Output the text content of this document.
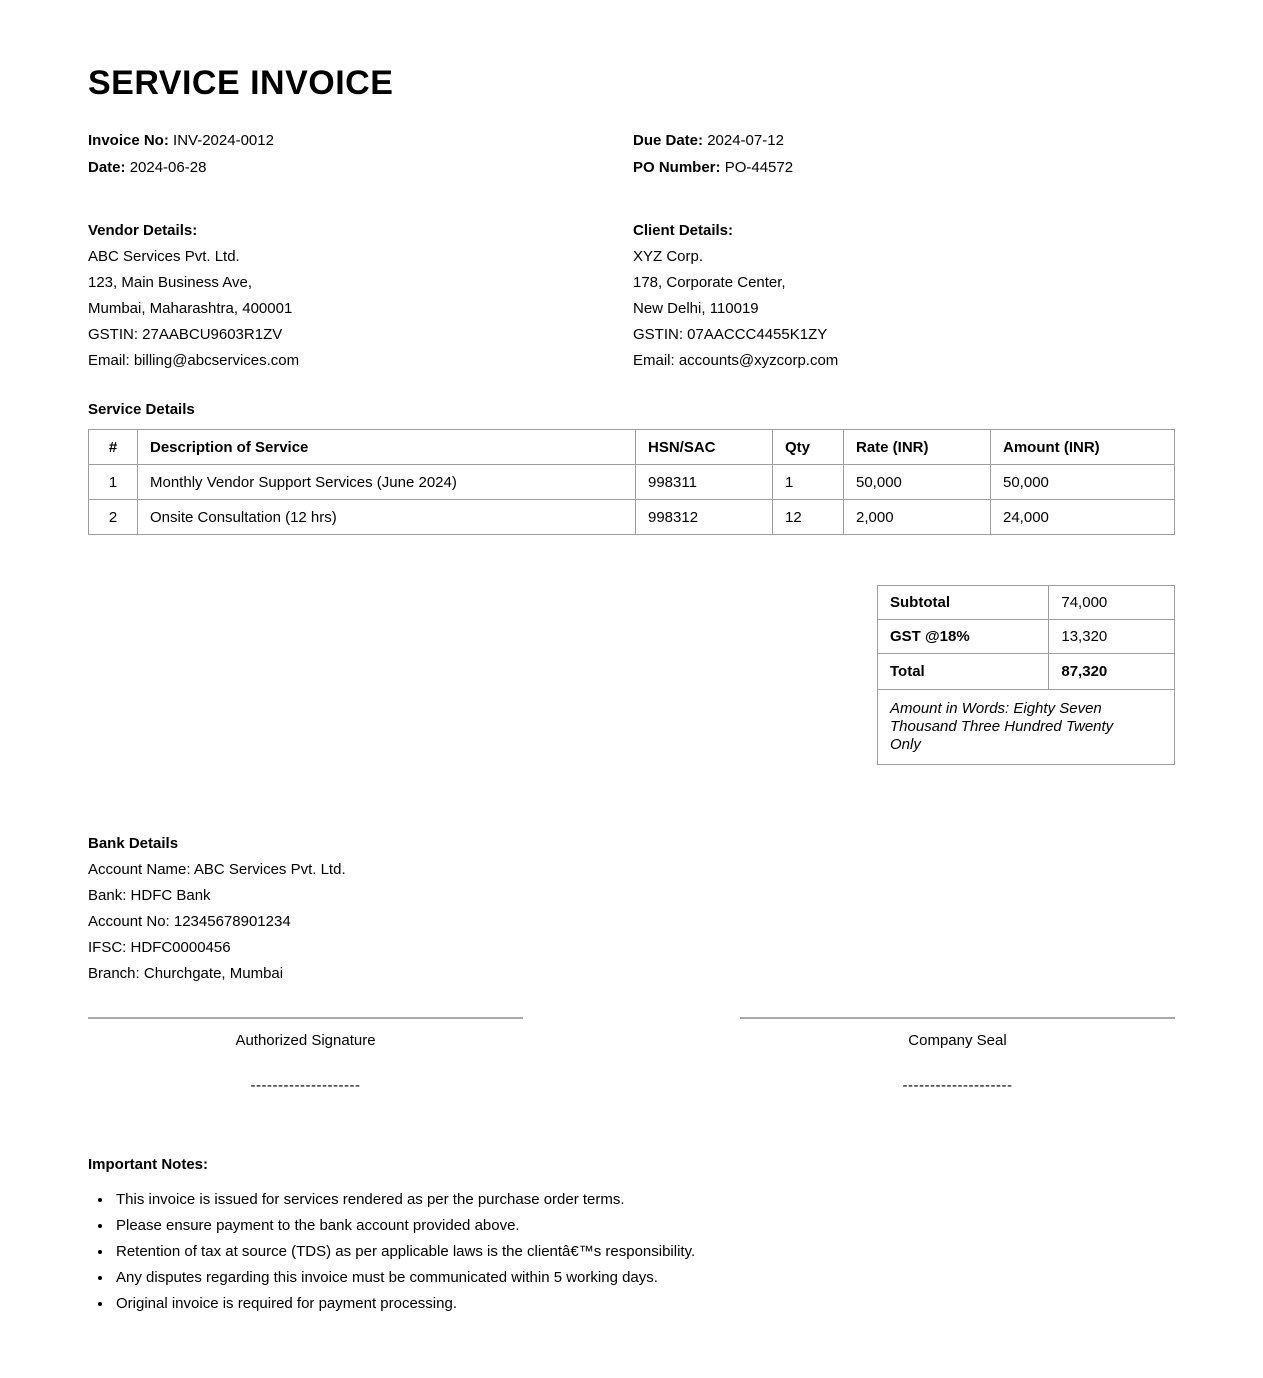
SERVICE INVOICE
Invoice No: INV-2024-0012
Date: 2024-06-28
Due Date: 2024-07-12
PO Number: PO-44572
Vendor Details:
ABC Services Pvt. Ltd.
123, Main Business Ave,
Mumbai, Maharashtra, 400001
GSTIN: 27AABCU9603R1ZV
Email: billing@abcservices.com
Client Details:
XYZ Corp.
178, Corporate Center,
New Delhi, 110019
GSTIN: 07AACCC4455K1ZY
Email: accounts@xyzcorp.com
Service Details
#	Description of Service	HSN/SAC	Qty	Rate (INR)	Amount (INR)
1	Monthly Vendor Support Services (June 2024)	998311	1	50,000	50,000
2	Onsite Consultation (12 hrs)	998312	12	2,000	24,000
Subtotal	74,000
GST @18%	13,320
Total	87,320
Amount in Words: Eighty Seven Thousand Three Hundred Twenty Only	
Bank Details
Account Name: ABC Services Pvt. Ltd.
Bank: HDFC Bank
Account No: 12345678901234
IFSC: HDFC0000456
Branch: Churchgate, Mumbai
Authorized Signature
--------------------
Company Seal
--------------------
Important Notes:
• This invoice is issued for services rendered as per the purchase order terms.
• Please ensure payment to the bank account provided above.
• Retention of tax at source (TDS) as per applicable laws is the clientâ€™s responsibility.
• Any disputes regarding this invoice must be communicated within 5 working days.
• Original invoice is required for payment processing.
